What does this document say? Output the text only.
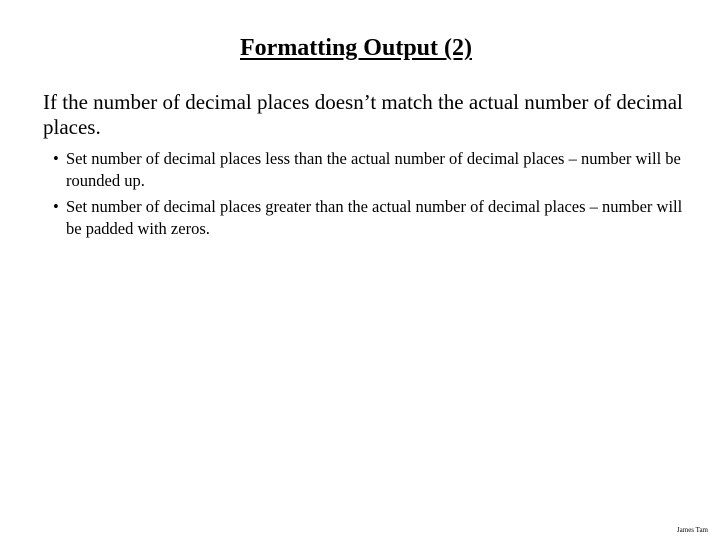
Formatting Output (2)
If the number of decimal places doesn’t match the actual number of decimal places.
• Set number of decimal places less than the actual number of decimal places – number will be rounded up.
• Set number of decimal places greater than the actual number of decimal places – number will be padded with zeros.
James Tam
